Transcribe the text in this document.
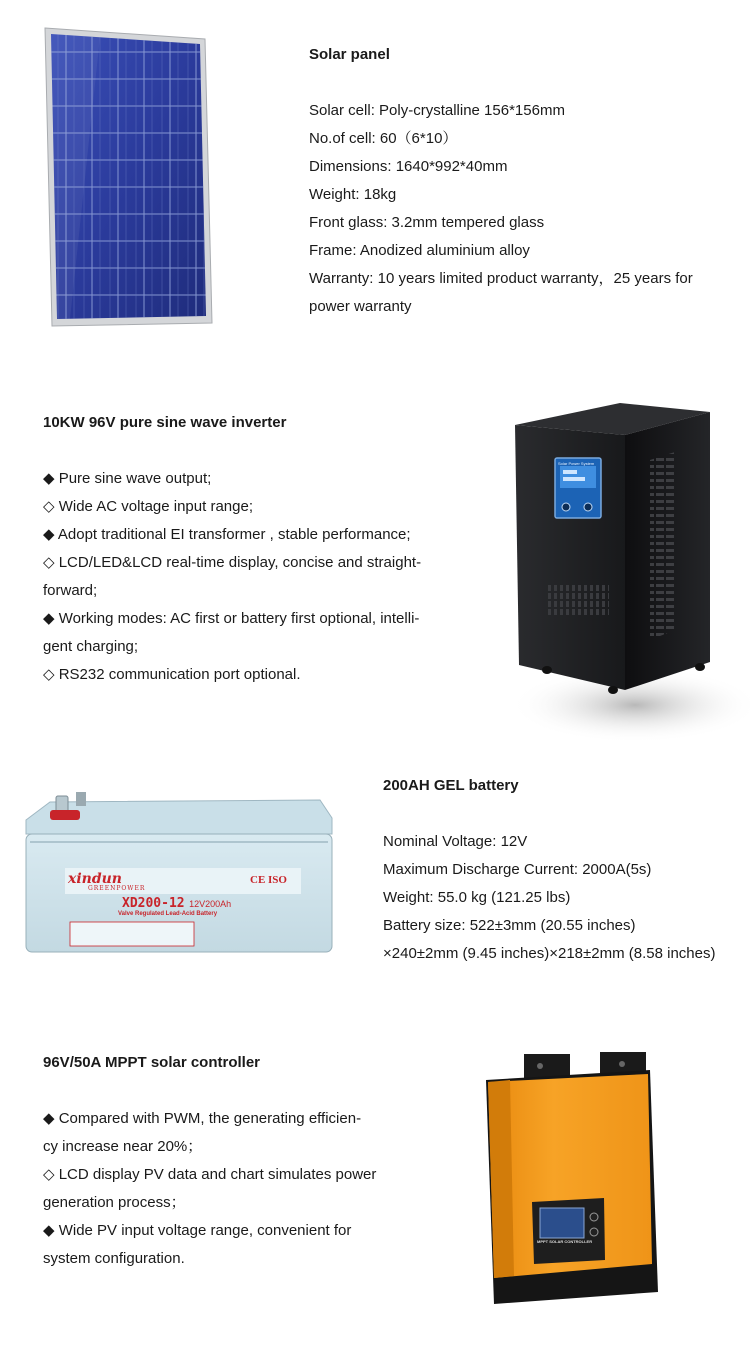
Solar panel
Solar cell: Poly-crystalline 156*156mm
No.of cell: 60（6*10）
Dimensions: 1640*992*40mm
Weight: 18kg
Front glass: 3.2mm tempered glass
Frame: Anodized aluminium alloy
Warranty: 10 years limited product warranty，25 years for
power warranty
10KW 96V pure sine wave inverter
◆ Pure sine wave output;
◇ Wide AC voltage input range;
◆ Adopt traditional EI transformer , stable performance;
◇ LCD/LED&LCD real-time display, concise and straight-
forward;
◆ Working modes: AC first or battery first optional, intelli-
gent charging;
◇ RS232 communication port optional.
xindun
GREENPOWER
CE ISO
XD200-12 12V200Ah
Valve Regulated Lead-Acid Battery
200AH GEL battery
Nominal Voltage: 12V
Maximum Discharge Current: 2000A(5s)
Weight: 55.0 kg (121.25 lbs)
Battery size: 522±3mm (20.55 inches)
×240±2mm (9.45 inches)×218±2mm (8.58 inches)
96V/50A MPPT solar controller
◆ Compared with PWM, the generating efficien-
cy increase near 20%；
◇ LCD display PV data and chart simulates power
generation process；
◆ Wide PV input voltage range, convenient for
system configuration.
MPPT SOLAR CONTROLLER
Solar Power System
